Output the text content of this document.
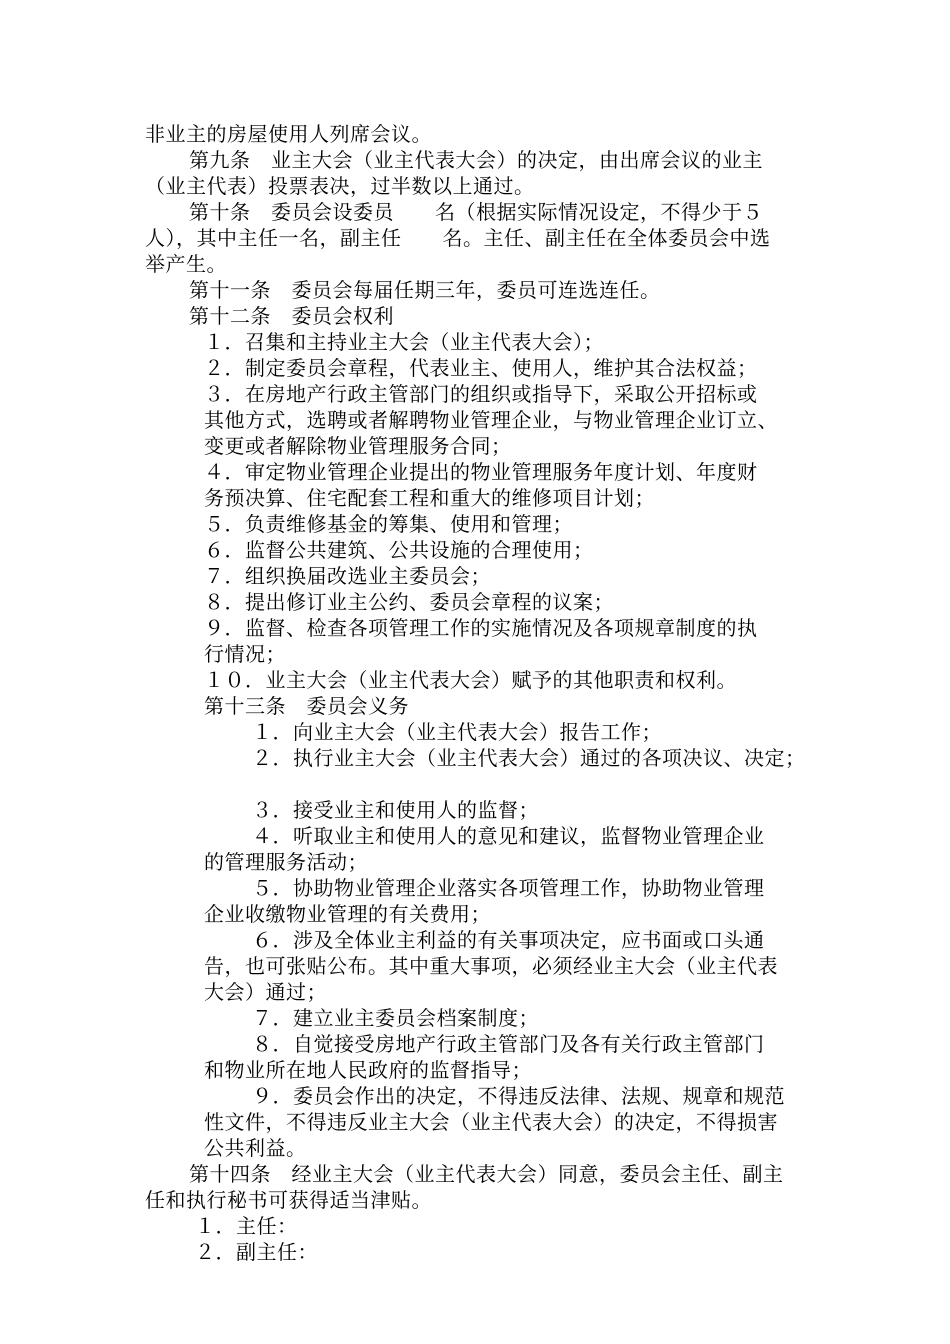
非业主的房屋使用人列席会议。

第九条　业主大会（业主代表大会）的决定，由出席会议的业主

（业主代表）投票表决，过半数以上通过。

第十条　委员会设委员　　名（根据实际情况设定，不得少于５

人），其中主任一名，副主任　　名。主任、副主任在全体委员会中选

举产生。

第十一条　委员会每届任期三年，委员可连选连任。

第十二条　委员会权利

１．召集和主持业主大会（业主代表大会）；

２．制定委员会章程，代表业主、使用人，维护其合法权益；

３．在房地产行政主管部门的组织或指导下，采取公开招标或

其他方式，选聘或者解聘物业管理企业，与物业管理企业订立、

变更或者解除物业管理服务合同；

４．审定物业管理企业提出的物业管理服务年度计划、年度财

务预决算、住宅配套工程和重大的维修项目计划；

５．负责维修基金的筹集、使用和管理；

６．监督公共建筑、公共设施的合理使用；

７．组织换届改选业主委员会；

８．提出修订业主公约、委员会章程的议案；

９．监督、检查各项管理工作的实施情况及各项规章制度的执

行情况；

１０．业主大会（业主代表大会）赋予的其他职责和权利。

第十三条　委员会义务

１．向业主大会（业主代表大会）报告工作；

２．执行业主大会（业主代表大会）通过的各项决议、决定；

３．接受业主和使用人的监督；

４．听取业主和使用人的意见和建议，监督物业管理企业

的管理服务活动；

５．协助物业管理企业落实各项管理工作，协助物业管理

企业收缴物业管理的有关费用；

６．涉及全体业主利益的有关事项决定，应书面或口头通

告，也可张贴公布。其中重大事项，必须经业主大会（业主代表

大会）通过；

７．建立业主委员会档案制度；

８．自觉接受房地产行政主管部门及各有关行政主管部门

和物业所在地人民政府的监督指导；

９．委员会作出的决定，不得违反法律、法规、规章和规范

性文件，不得违反业主大会（业主代表大会）的决定，不得损害

公共利益。

第十四条　经业主大会（业主代表大会）同意，委员会主任、副主

任和执行秘书可获得适当津贴。

１．主任：

２．副主任：
